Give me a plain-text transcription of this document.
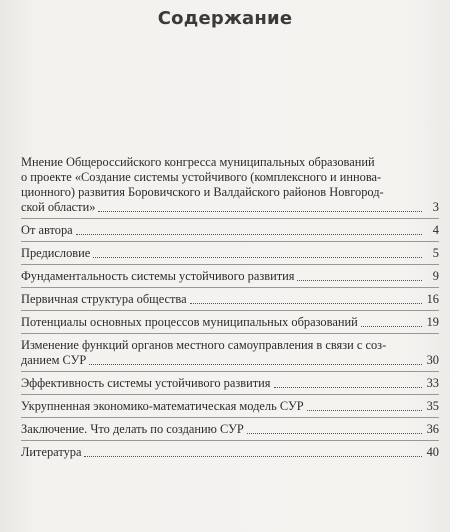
Содержание
Мнение Общероссийского конгресса муниципальных образований
о проекте «Создание системы устойчивого (комплексного и иннова-
ционного) развития Боровичского и Валдайского районов Новгород-
ской области»	3
От автора	4
Предисловие	5
Фундаментальность системы устойчивого развития	9
Первичная структура общества	16
Потенциалы основных процессов муниципальных образований	19
Изменение функций органов местного самоуправления в связи с соз-
данием СУР	30
Эффективность системы устойчивого развития	33
Укрупненная экономико-математическая модель СУР	35
Заключение. Что делать по созданию СУР	36
Литература	40
